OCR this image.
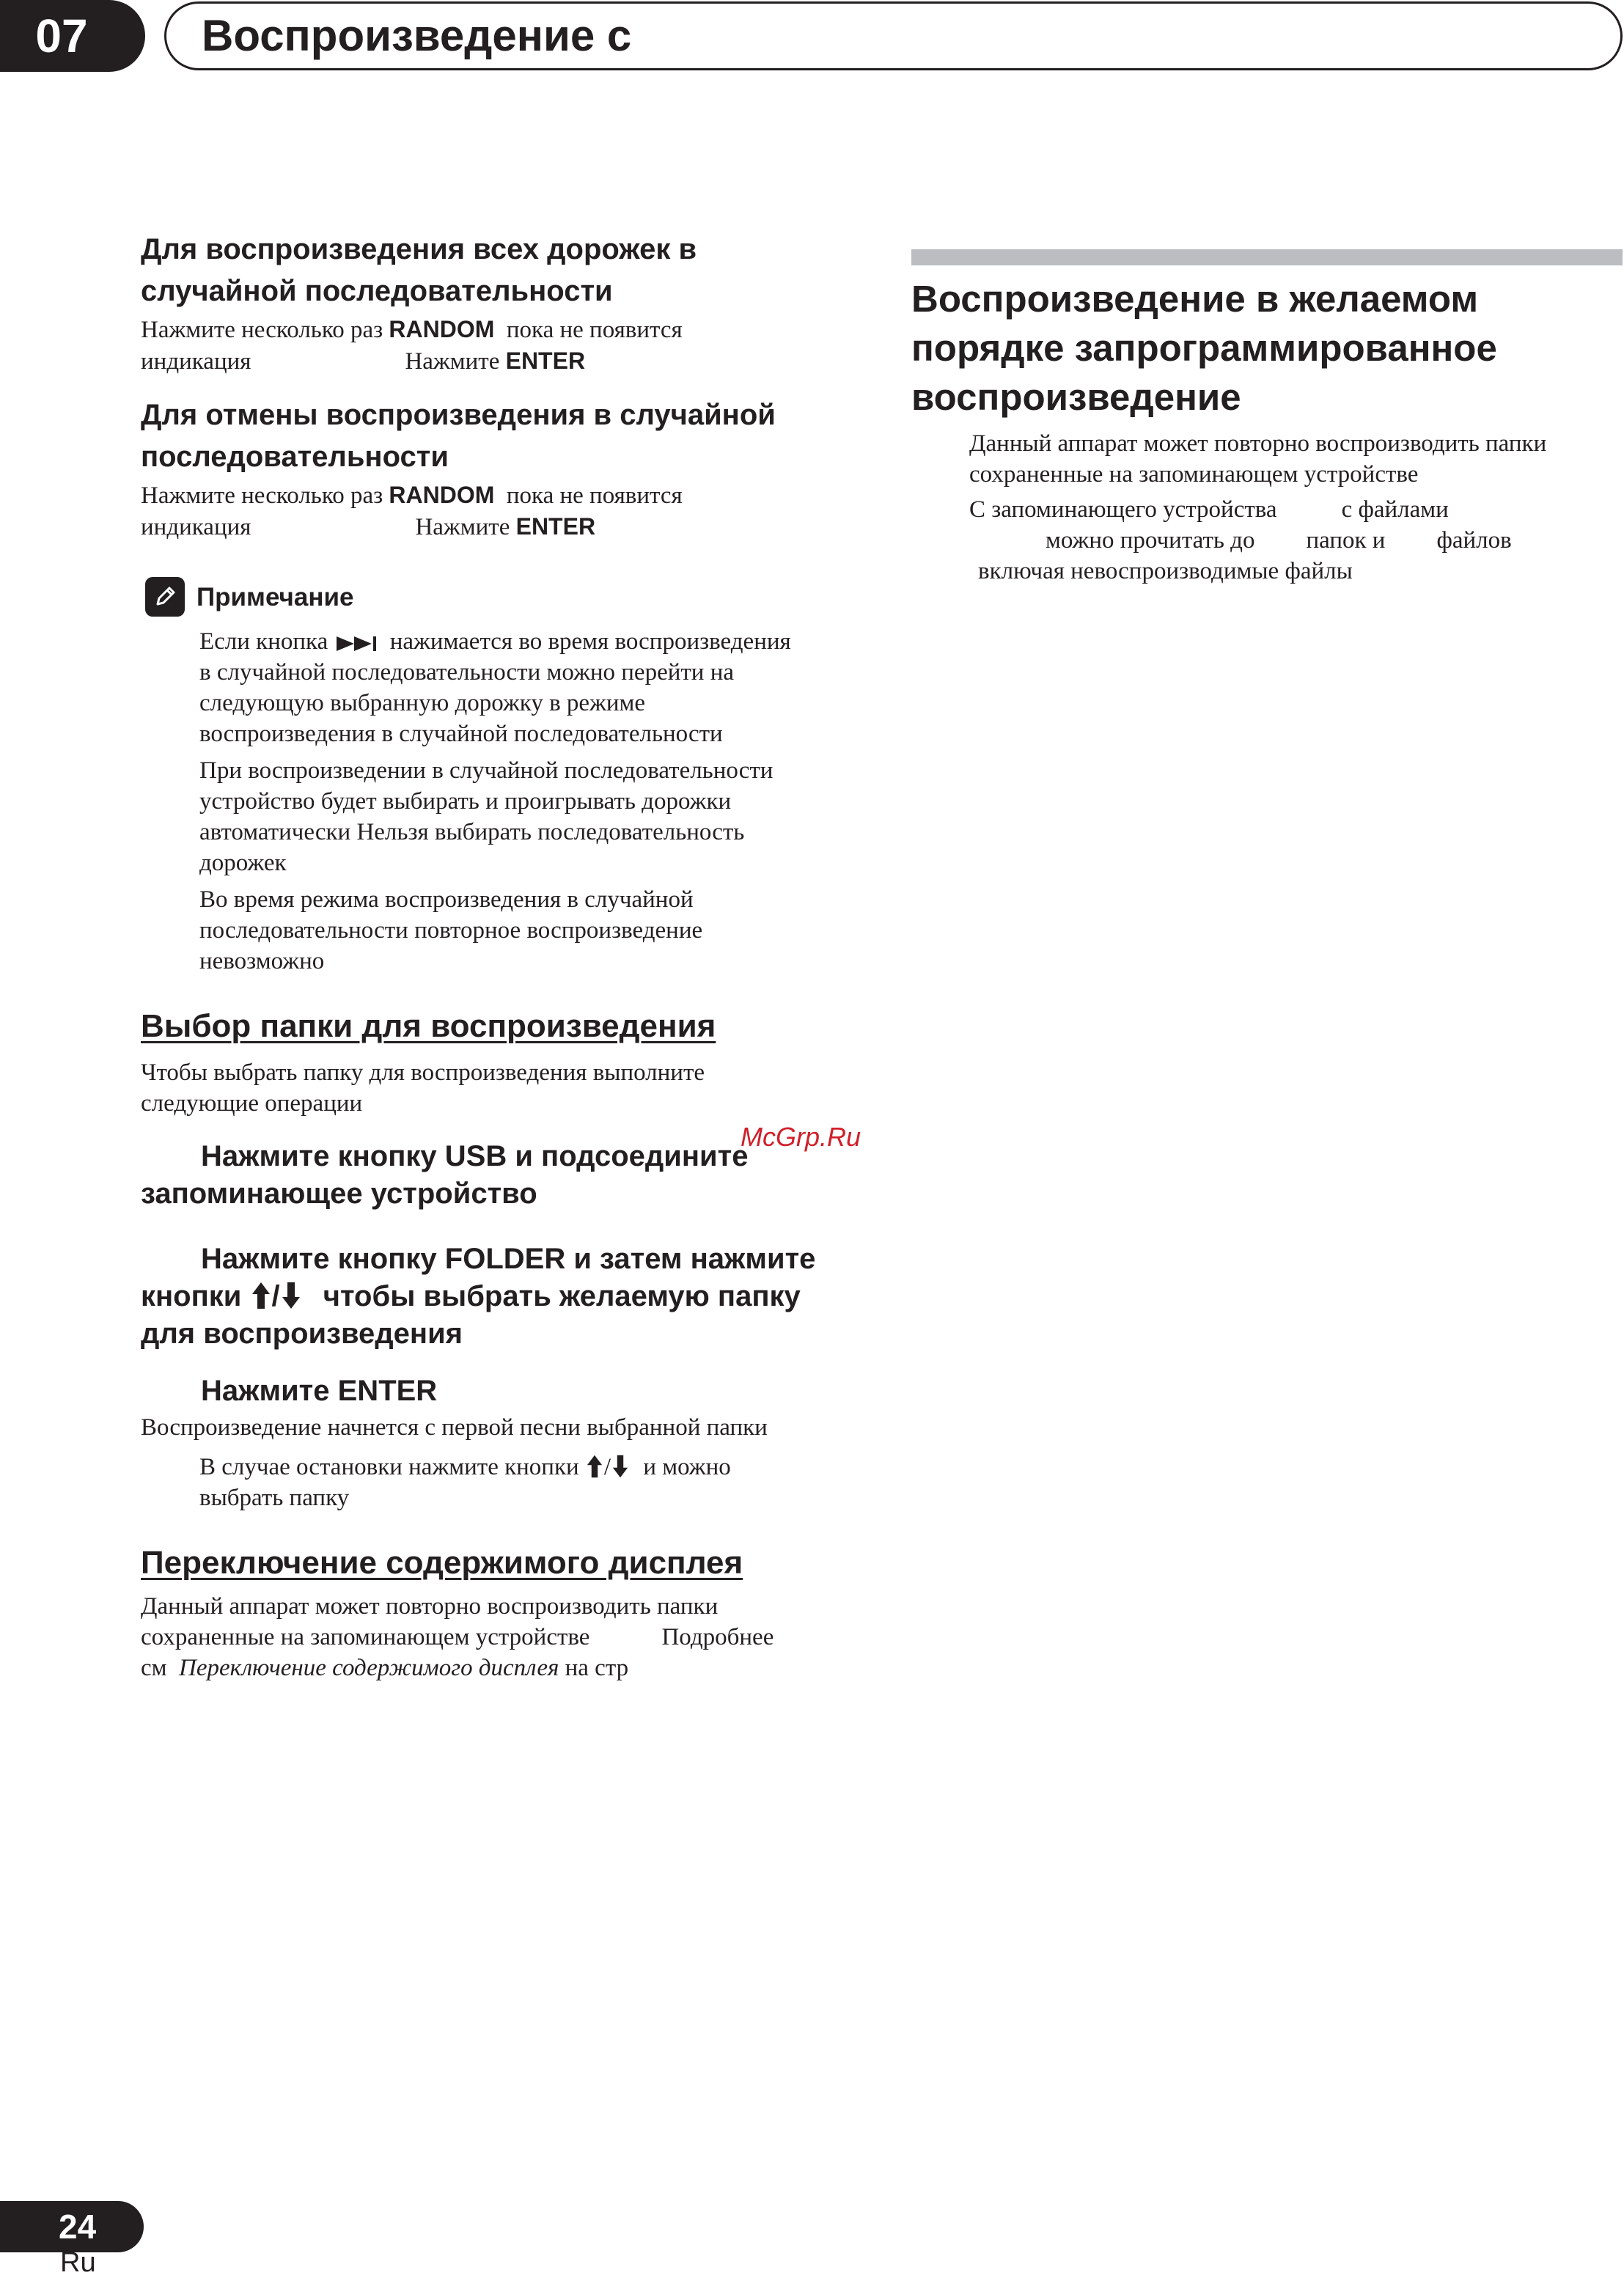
07	Воспроизведение с
Для воспроизведения всех дорожек в
случайной последовательности
Нажмите несколько раз RANDOM пока не появится
индикация	Нажмите ENTER
Для отмены воспроизведения в случайной
последовательности
Нажмите несколько раз RANDOM пока не появится
индикация	Нажмите ENTER
Примечание
Если кнопка	нажимается во время воспроизведения
в случайной последовательности можно перейти на
следующую выбранную дорожку в режиме
воспроизведения в случайной последовательности
При воспроизведении в случайной последовательности
устройство будет выбирать и проигрывать дорожки
автоматически Нельзя выбирать последовательность
дорожек
Во время режима воспроизведения в случайной
последовательности повторное воспроизведение
невозможно
Выбор папки для воспроизведения
Чтобы выбрать папку для воспроизведения выполните
следующие операции
Нажмите кнопку USB и подсоедините
запоминающее устройство
Нажмите кнопку FOLDER и затем нажмите
кнопки / чтобы выбрать желаемую папку
для воспроизведения
Нажмите ENTER
Воспроизведение начнется с первой песни выбранной папки
В случае остановки нажмите кнопки / и можно
выбрать папку
Переключение содержимого дисплея
Данный аппарат может повторно воспроизводить папки
сохраненные на запоминающем устройстве	Подробнее
см Переключение содержимого дисплея на стр
Воспроизведение в желаемом
порядке запрограммированное
воспроизведение
Данный аппарат может повторно воспроизводить папки
сохраненные на запоминающем устройстве
С запоминающего устройства	с файлами
можно прочитать до папок и файлов
включая невоспроизводимые файлы
McGrp.Ru
24
Ru
